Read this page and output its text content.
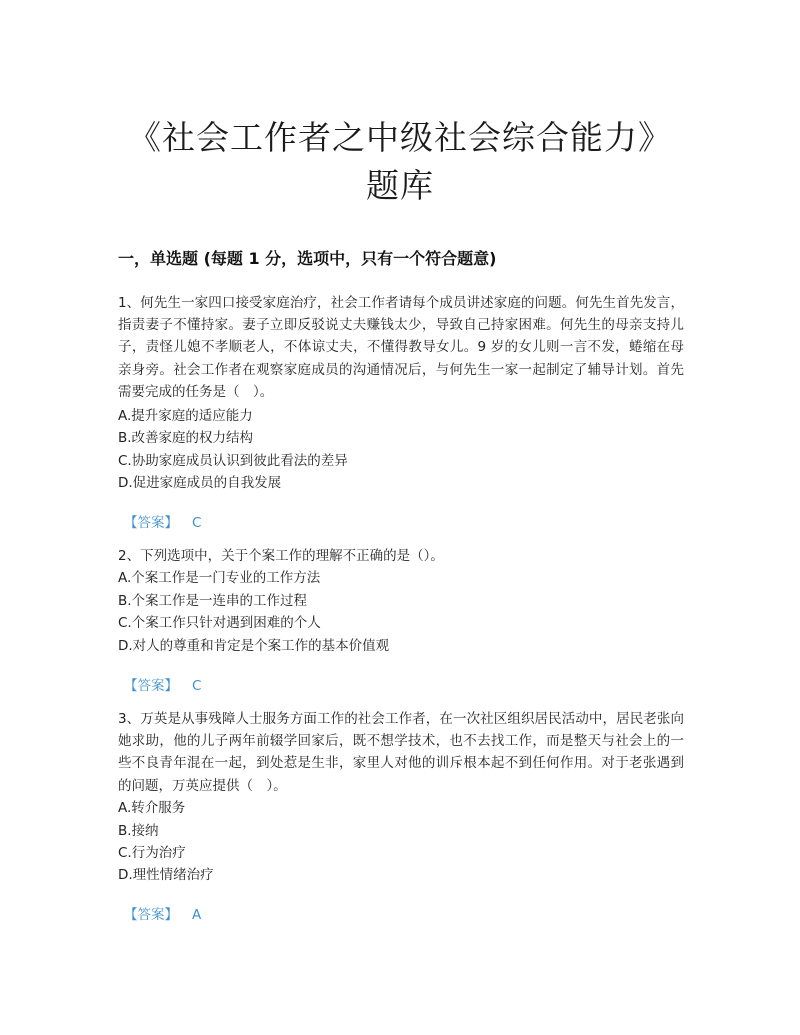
《社会工作者之中级社会综合能力》
题库
一，单选题 (每题 1 分，选项中，只有一个符合题意)

1、何先生一家四口接受家庭治疗，社会工作者请每个成员讲述家庭的问题。何先生首先发言，指责妻子不懂持家。妻子立即反驳说丈夫赚钱太少，导致自己持家困难。何先生的母亲支持儿子，责怪儿媳不孝顺老人，不体谅丈夫，不懂得教导女儿。9 岁的女儿则一言不发，蜷缩在母亲身旁。社会工作者在观察家庭成员的沟通情况后，与何先生一家一起制定了辅导计划。首先需要完成的任务是（　）。

A.提升家庭的适应能力
B.改善家庭的权力结构
C.协助家庭成员认识到彼此看法的差异
D.促进家庭成员的自我发展
【答案】 C

2、下列选项中，关于个案工作的理解不正确的是（）。

A.个案工作是一门专业的工作方法
B.个案工作是一连串的工作过程
C.个案工作只针对遇到困难的个人
D.对人的尊重和肯定是个案工作的基本价值观
【答案】 C

3、万英是从事残障人士服务方面工作的社会工作者，在一次社区组织居民活动中，居民老张向她求助，他的儿子两年前辍学回家后，既不想学技术，也不去找工作，而是整天与社会上的一些不良青年混在一起，到处惹是生非，家里人对他的训斥根本起不到任何作用。对于老张遇到的问题，万英应提供（　）。

A.转介服务
B.接纳
C.行为治疗
D.理性情绪治疗
【答案】 A
